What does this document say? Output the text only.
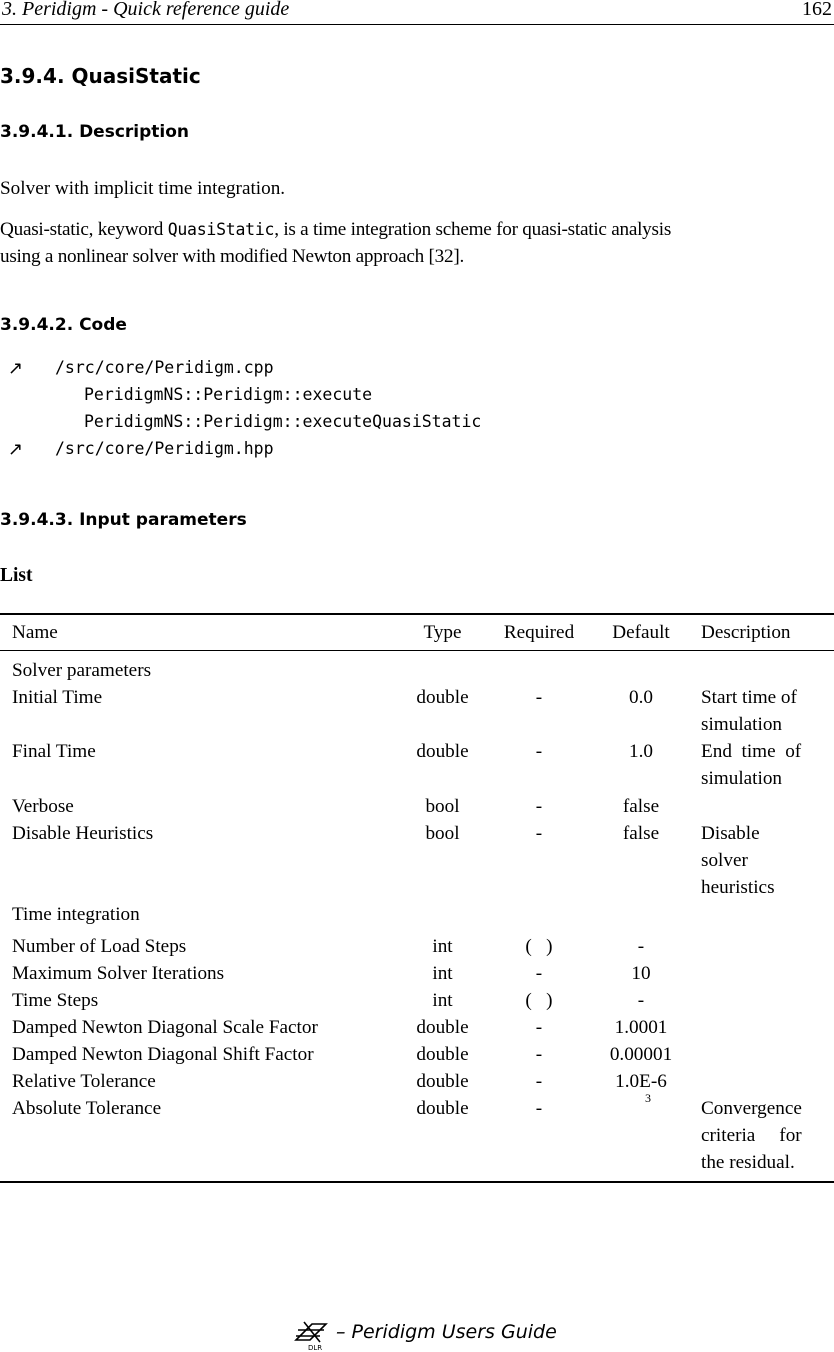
3. Peridigm - Quick reference guide	162
3.9.4. QuasiStatic
3.9.4.1. Description
Solver with implicit time integration.
Quasi-static, keyword QuasiStatic, is a time integration scheme for quasi-static analysis
using a nonlinear solver with modified Newton approach [32].
3.9.4.2. Code
↗ /src/core/Peridigm.cpp
PeridigmNS::Peridigm::execute
PeridigmNS::Peridigm::executeQuasiStatic
↗ /src/core/Peridigm.hpp
3.9.4.3. Input parameters
List
Name	Type	Required	Default	Description
Solver parameters
Initial Time	double	-	0.0	Start time of
simulation
Final Time	double	-	1.0	End  time  of
simulation
Verbose	bool	-	false
Disable Heuristics	bool	-	false	Disable
solver
heuristics
Time integration
Number of Load Steps	int	(   )	-
Maximum Solver Iterations	int	-	10
Time Steps	int	(   )	-
Damped Newton Diagonal Scale Factor	double	-	1.0001
Damped Newton Diagonal Shift Factor	double	-	0.00001
Relative Tolerance	double	-	1.0E-6
Absolute Tolerance	double	-	3	Convergence
criteria     for
the residual.
DLR
– Peridigm Users Guide
